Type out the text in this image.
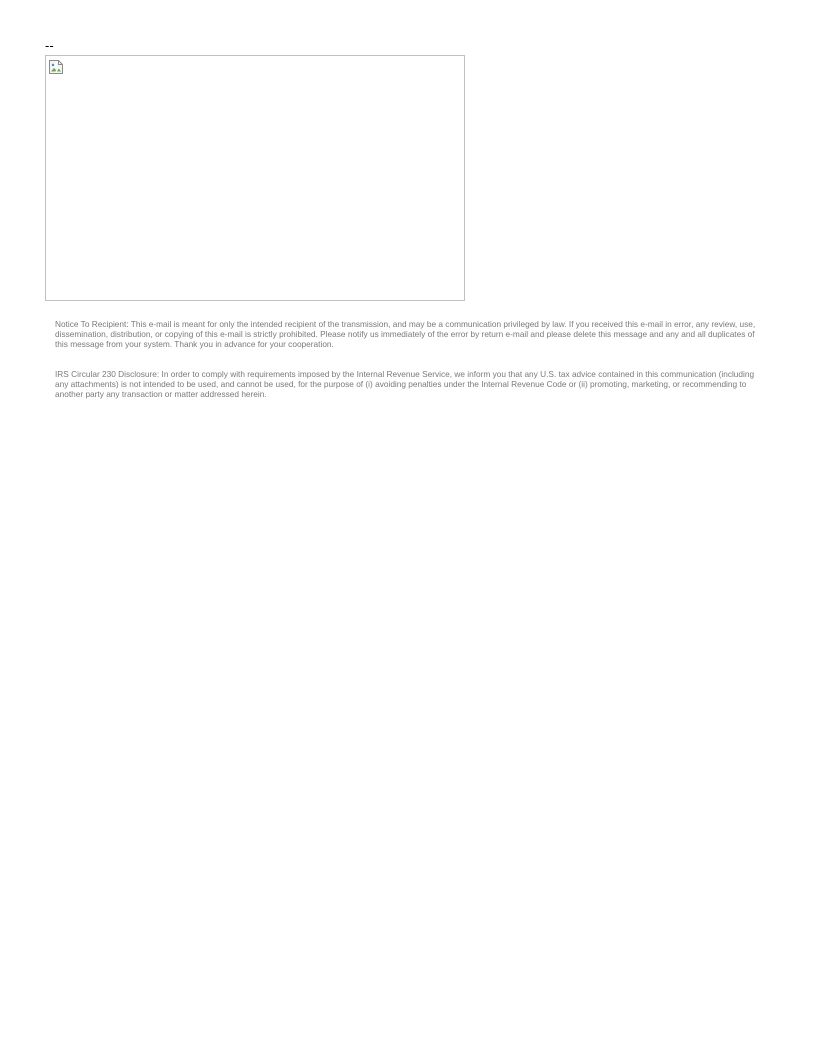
--

Notice To Recipient: This e-mail is meant for only the intended recipient of the transmission, and may be a communication privileged by law. If you received this e-mail in error, any review, use, dissemination, distribution, or copying of this e-mail is strictly prohibited. Please notify us immediately of the error by return e-mail and please delete this message and any and all duplicates of this message from your system. Thank you in advance for your cooperation.

IRS Circular 230 Disclosure: In order to comply with requirements imposed by the Internal Revenue Service, we inform you that any U.S. tax advice contained in this communication (including any attachments) is not intended to be used, and cannot be used, for the purpose of (i) avoiding penalties under the Internal Revenue Code or (ii) promoting, marketing, or recommending to another party any transaction or matter addressed herein.
